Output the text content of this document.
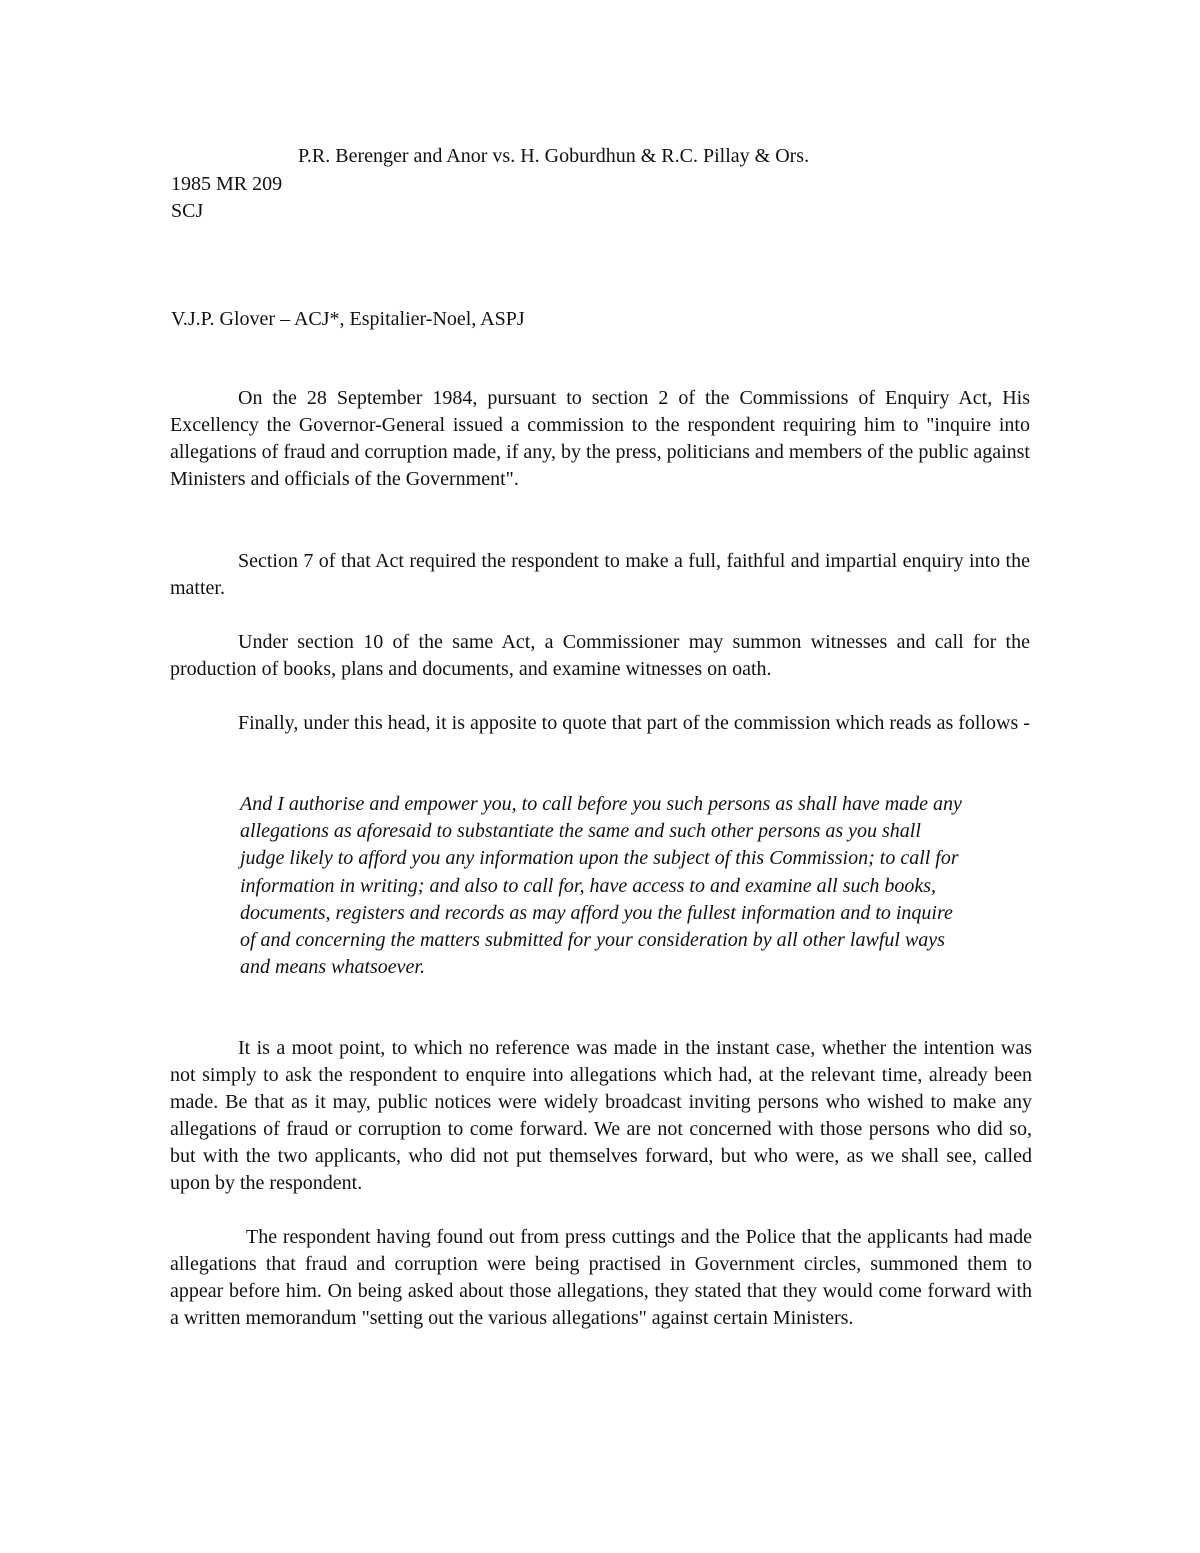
P.R. Berenger and Anor vs. H. Goburdhun & R.C. Pillay & Ors.
1985 MR 209
SCJ
V.J.P. Glover – ACJ*, Espitalier-Noel, ASPJ

On the 28 September 1984, pursuant to section 2 of the Commissions of Enquiry Act, His Excellency the Governor-General issued a commission to the respondent requiring him to "inquire into allegations of fraud and corruption made, if any, by the press, politicians and members of the public against Ministers and officials of the Government".

Section 7 of that Act required the respondent to make a full, faithful and impartial enquiry into the matter.

Under section 10 of the same Act, a Commissioner may summon witnesses and call for the production of books, plans and documents, and examine witnesses on oath.

Finally, under this head, it is apposite to quote that part of the commission which reads as follows -

And I authorise and empower you, to call before you such persons as shall have made any allegations as aforesaid to substantiate the same and such other persons as you shall judge likely to afford you any information upon the subject of this Commission; to call for information in writing; and also to call for, have access to and examine all such books, documents, registers and records as may afford you the fullest information and to inquire of and concerning the matters submitted for your consideration by all other lawful ways and means whatsoever.

It is a moot point, to which no reference was made in the instant case, whether the intention was not simply to ask the respondent to enquire into allegations which had, at the relevant time, already been made. Be that as it may, public notices were widely broadcast inviting persons who wished to make any allegations of fraud or corruption to come forward. We are not concerned with those persons who did so, but with the two applicants, who did not put themselves forward, but who were, as we shall see, called upon by the respondent.

The respondent having found out from press cuttings and the Police that the applicants had made allegations that fraud and corruption were being practised in Government circles, summoned them to appear before him. On being asked about those allegations, they stated that they would come forward with a written memorandum "setting out the various allegations" against certain Ministers.
